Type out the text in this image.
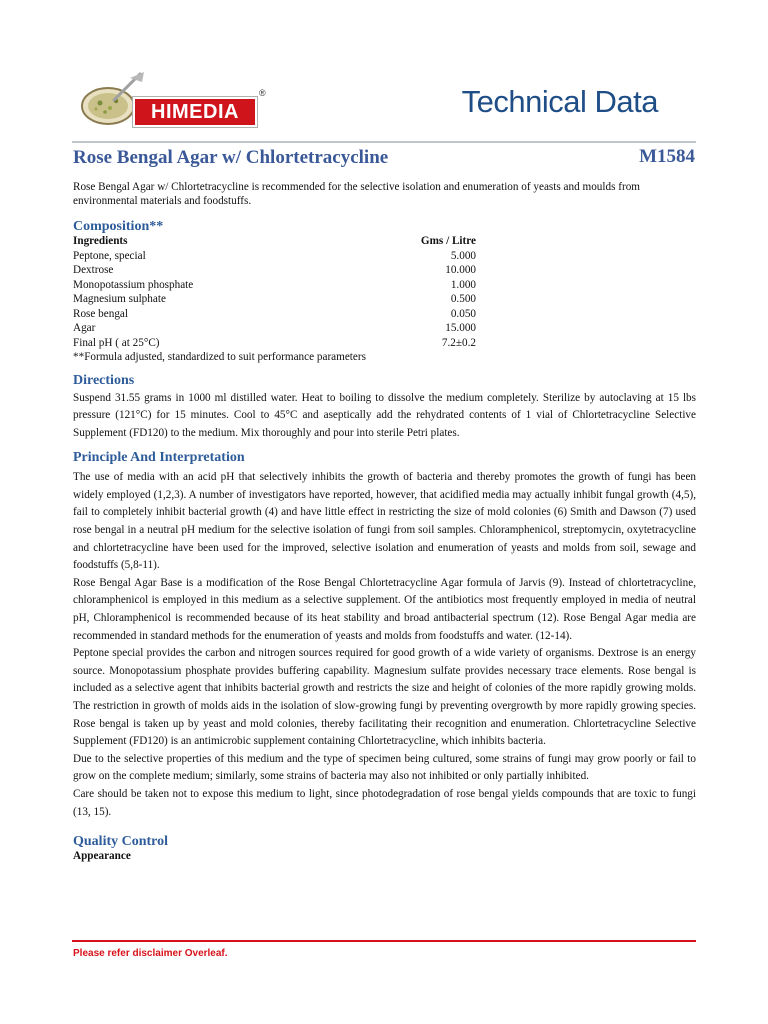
HIMEDIA
®	Technical Data
Rose Bengal Agar w/ Chlortetracycline	M1584

Rose Bengal Agar w/ Chlortetracycline is recommended for the selective isolation and enumeration of yeasts and moulds from environmental materials and foodstuffs.

Composition**
Ingredients	Gms / Litre
Peptone, special	5.000
Dextrose	10.000
Monopotassium phosphate	1.000
Magnesium sulphate	0.500
Rose bengal	0.050
Agar	15.000
Final pH ( at 25°C)	7.2±0.2

**Formula adjusted, standardized to suit performance parameters

Directions

Suspend 31.55 grams in 1000 ml distilled water. Heat to boiling to dissolve the medium completely. Sterilize by autoclaving at 15 lbs pressure (121°C) for 15 minutes. Cool to 45°C and aseptically add the rehydrated contents of 1 vial of Chlortetracycline Selective Supplement (FD120) to the medium. Mix thoroughly and pour into sterile Petri plates.

Principle And Interpretation

The use of media with an acid pH that selectively inhibits the growth of bacteria and thereby promotes the growth of fungi has been widely employed (1,2,3). A number of investigators have reported, however, that acidified media may actually inhibit fungal growth (4,5), fail to completely inhibit bacterial growth (4) and have little effect in restricting the size of mold colonies (6) Smith and Dawson (7) used rose bengal in a neutral pH medium for the selective isolation of fungi from soil samples. Chloramphenicol, streptomycin, oxytetracycline and chlortetracycline have been used for the improved, selective isolation and enumeration of yeasts and molds from soil, sewage and foodstuffs (5,8-11).

Rose Bengal Agar Base is a modification of the Rose Bengal Chlortetracycline Agar formula of Jarvis (9). Instead of chlortetracycline, chloramphenicol is employed in this medium as a selective supplement. Of the antibiotics most frequently employed in media of neutral pH, Chloramphenicol is recommended because of its heat stability and broad antibacterial spectrum (12). Rose Bengal Agar media are recommended in standard methods for the enumeration of yeasts and molds from foodstuffs and water. (12-14).

Peptone special provides the carbon and nitrogen sources required for good growth of a wide variety of organisms. Dextrose is an energy source. Monopotassium phosphate provides buffering capability. Magnesium sulfate provides necessary trace elements. Rose bengal is included as a selective agent that inhibits bacterial growth and restricts the size and height of colonies of the more rapidly growing molds. The restriction in growth of molds aids in the isolation of slow-growing fungi by preventing overgrowth by more rapidly growing species. Rose bengal is taken up by yeast and mold colonies, thereby facilitating their recognition and enumeration. Chlortetracycline Selective Supplement (FD120) is an antimicrobic supplement containing Chlortetracycline, which inhibits bacteria.

Due to the selective properties of this medium and the type of specimen being cultured, some strains of fungi may grow poorly or fail to grow on the complete medium; similarly, some strains of bacteria may also not inhibited or only partially inhibited.

Care should be taken not to expose this medium to light, since photodegradation of rose bengal yields compounds that are toxic to fungi (13, 15).

Quality Control

Appearance

Please refer disclaimer Overleaf.
